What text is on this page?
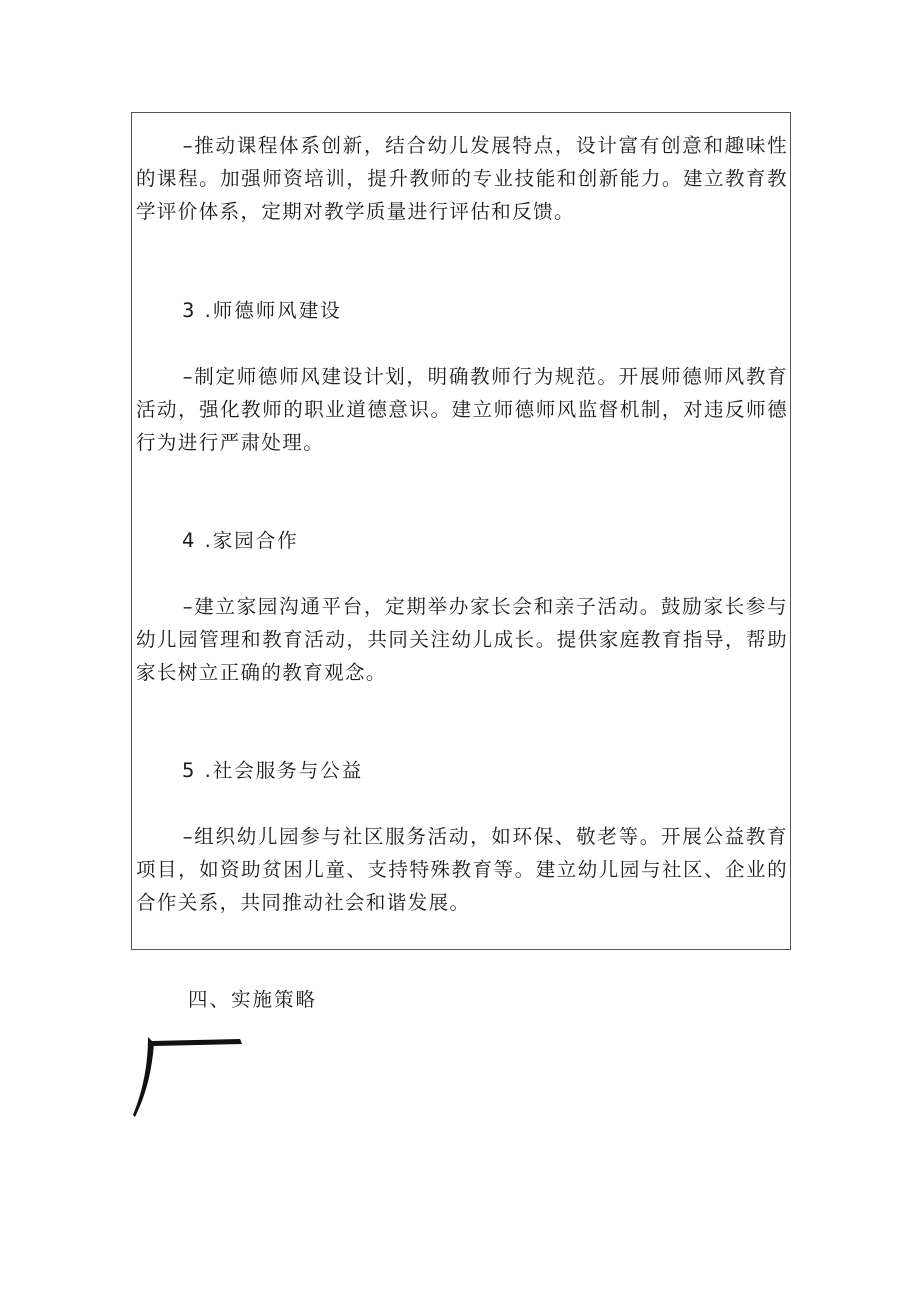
–推动课程体系创新，结合幼儿发展特点，设计富有创意和趣味性的课程。加强师资培训，提升教师的专业技能和创新能力。建立教育教学评价体系，定期对教学质量进行评估和反馈。

3 .师德师风建设

–制定师德师风建设计划，明确教师行为规范。开展师德师风教育活动，强化教师的职业道德意识。建立师德师风监督机制，对违反师德行为进行严肃处理。

4 .家园合作

–建立家园沟通平台，定期举办家长会和亲子活动。鼓励家长参与幼儿园管理和教育活动，共同关注幼儿成长。提供家庭教育指导，帮助家长树立正确的教育观念。

5 .社会服务与公益

–组织幼儿园参与社区服务活动，如环保、敬老等。开展公益教育项目，如资助贫困儿童、支持特殊教育等。建立幼儿园与社区、企业的合作关系，共同推动社会和谐发展。

四、实施策略
